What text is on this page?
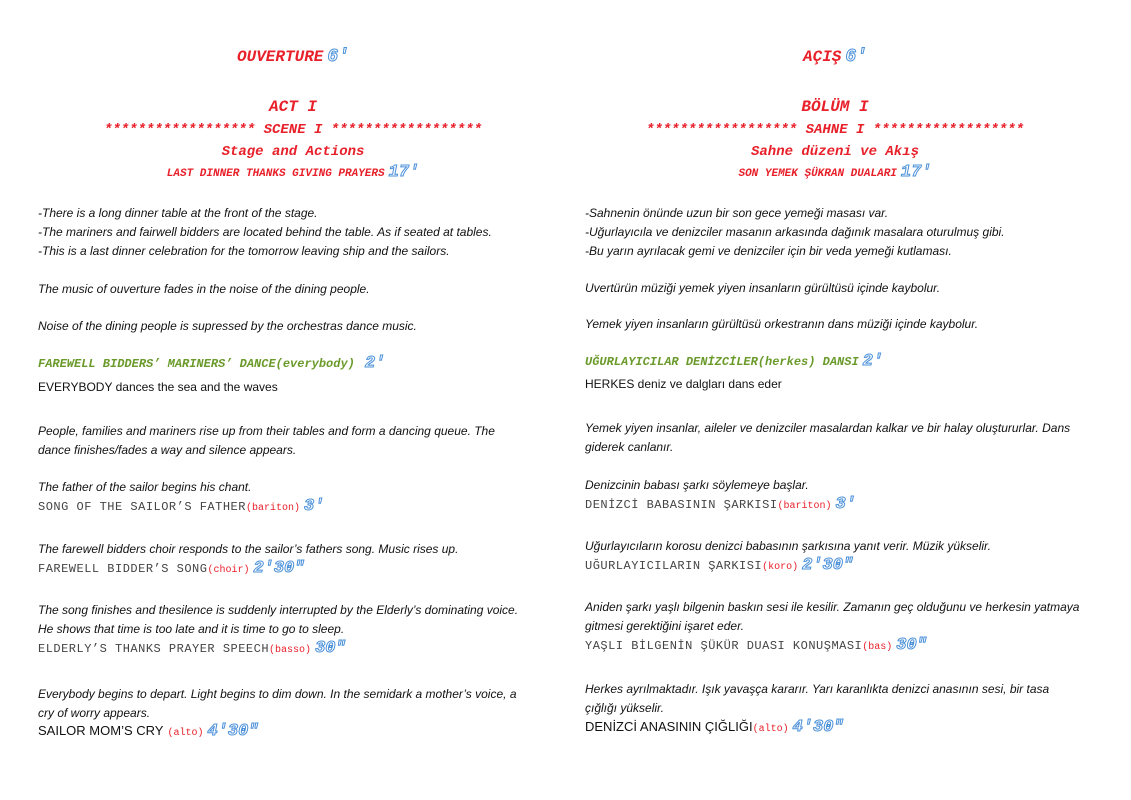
OUVERTURE 6′
ACT I
****************** SCENE I ******************
Stage and Actions
LAST DINNER THANKS GIVING PRAYERS 17′
-There is a long dinner table at the front of the stage.
-The mariners and fairwell bidders are located behind the table. As if seated at tables.
-This is a last dinner celebration for the tomorrow leaving ship and the sailors.
The music of ouverture fades in the noise of the dining people.
Noise of the dining people is supressed by the orchestras dance music.
FAREWELL BIDDERS’ MARINERS’ DANCE(everybody) 2′
EVERYBODY dances the sea and the waves
People, families and mariners rise up from their tables and form a dancing queue. The dance finishes/fades a way and silence appears.
The father of the sailor begins his chant.
SONG OF THE SAILOR’S FATHER(bariton) 3′
The farewell bidders choir responds to the sailor’s fathers song. Music rises up.
FAREWELL BIDDER’S SONG(choir) 2′30″
The song finishes and thesilence is suddenly interrupted by the Elderly’s dominating voice. He shows that time is too late and it is time to go to sleep.
ELDERLY’S THANKS PRAYER SPEECH(basso) 30″
Everybody begins to depart. Light begins to dim down. In the semidark a mother’s voice, a cry of worry appears.
SAILOR MOM’S CRY (alto) 4′30″
AÇIŞ 6′
BÖLÜM I
****************** SAHNE I ******************
Sahne düzeni ve Akış
SON YEMEK ŞÜKRAN DUALARI 17′
-Sahnenin önünde uzun bir son gece yemeği masası var.
-Uğurlayıcıla ve denizciler masanın arkasında dağınık masalara oturulmuş gibi.
-Bu yarın ayrılacak gemi ve denizciler için bir veda yemeği kutlaması.
Uvertürün müziği yemek yiyen insanların gürültüsü içinde kaybolur.
Yemek yiyen insanların gürültüsü orkestranın dans müziği içinde kaybolur.
UĞURLAYICILAR DENİZCİLER(herkes) DANSI 2′
HERKES deniz ve dalgları dans eder
Yemek yiyen insanlar, aileler ve denizciler masalardan kalkar ve bir halay oluştururlar. Dans giderek canlanır.
Denizcinin babası şarkı söylemeye başlar.
DENİZCİ BABASININ ŞARKISI(bariton) 3′
Uğurlayıcıların korosu denizci babasının şarkısına yanıt verir. Müzik yükselir.
UĞURLAYICILARIN ŞARKISI(koro) 2′30″
Aniden şarkı yaşlı bilgenin baskın sesi ile kesilir. Zamanın geç olduğunu ve herkesin yatmaya gitmesi gerektiğini işaret eder.
YAŞLI BİLGENİN ŞÜKÜR DUASI KONUŞMASI(bas) 30″
Herkes ayrılmaktadır. Işık yavaşça kararır. Yarı karanlıkta denizci anasının sesi, bir tasa çığlığı yükselir.
DENİZCİ ANASININ ÇIĞLIĞI(alto) 4′30″
